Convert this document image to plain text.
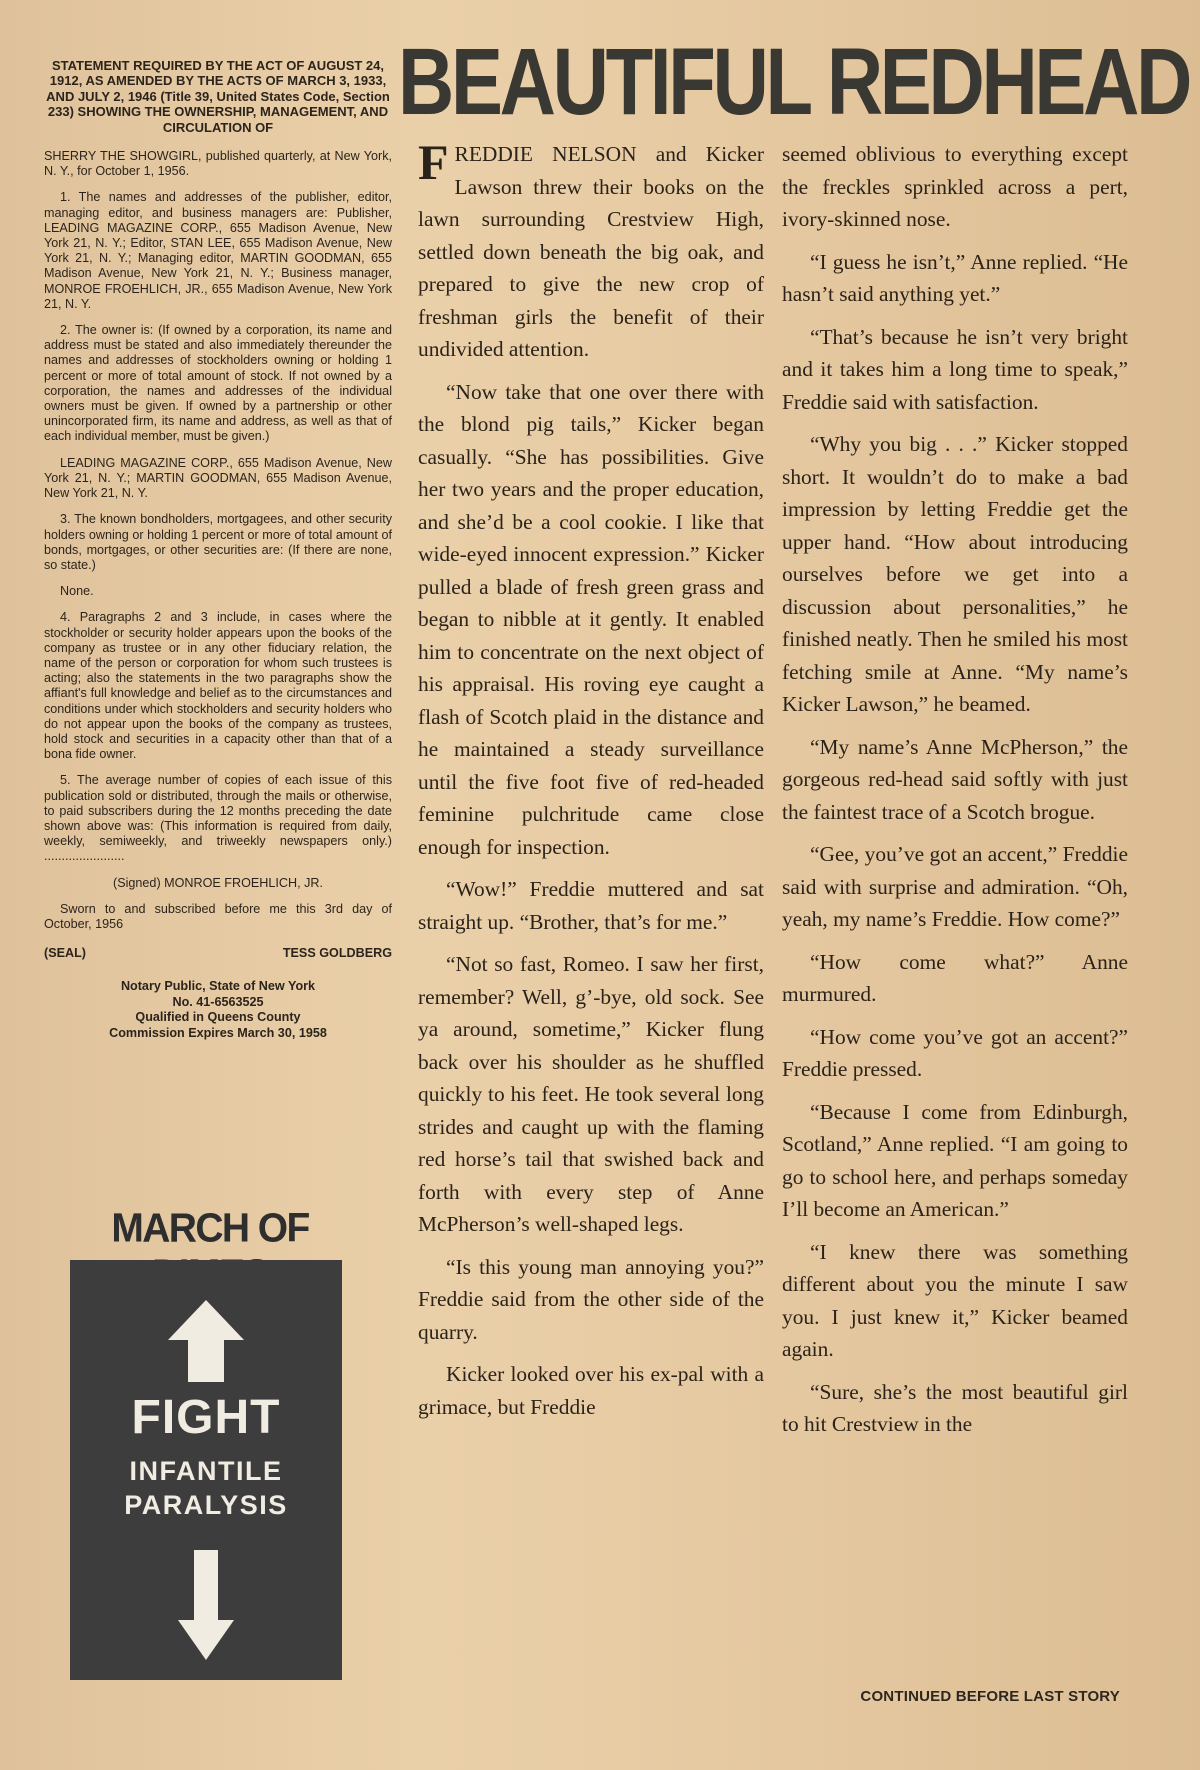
STATEMENT REQUIRED BY THE ACT OF AUGUST 24, 1912, AS AMENDED BY THE ACTS OF MARCH 3, 1933, AND JULY 2, 1946 (Title 39, United States Code, Section 233) SHOWING THE OWNERSHIP, MANAGEMENT, AND CIRCULATION OF

SHERRY THE SHOWGIRL, published quarterly, at New York, N. Y., for October 1, 1956.

1. The names and addresses of the publisher, editor, managing editor, and business managers are: Publisher, LEADING MAGAZINE CORP., 655 Madison Avenue, New York 21, N. Y.; Editor, STAN LEE, 655 Madison Avenue, New York 21, N. Y.; Managing editor, MARTIN GOODMAN, 655 Madison Avenue, New York 21, N. Y.; Business manager, MONROE FROEHLICH, JR., 655 Madison Avenue, New York 21, N. Y.

2. The owner is: (If owned by a corporation, its name and address must be stated and also immediately thereunder the names and addresses of stockholders owning or holding 1 percent or more of total amount of stock. If not owned by a corporation, the names and addresses of the individual owners must be given. If owned by a partnership or other unincorporated firm, its name and address, as well as that of each individual member, must be given.)

LEADING MAGAZINE CORP., 655 Madison Avenue, New York 21, N. Y.; MARTIN GOODMAN, 655 Madison Avenue, New York 21, N. Y.

3. The known bondholders, mortgagees, and other security holders owning or holding 1 percent or more of total amount of bonds, mortgages, or other securities are: (If there are none, so state.)

None.

4. Paragraphs 2 and 3 include, in cases where the stockholder or security holder appears upon the books of the company as trustee or in any other fiduciary relation, the name of the person or corporation for whom such trustees is acting; also the statements in the two paragraphs show the affiant's full knowledge and belief as to the circumstances and conditions under which stockholders and security holders who do not appear upon the books of the company as trustees, hold stock and securities in a capacity other than that of a bona fide owner.

5. The average number of copies of each issue of this publication sold or distributed, through the mails or otherwise, to paid subscribers during the 12 months preceding the date shown above was: (This information is required from daily, weekly, semiweekly, and triweekly newspapers only.) .......................

(Signed) MONROE FROEHLICH, JR.

Sworn to and subscribed before me this 3rd day of October, 1956

(SEAL)	TESS GOLDBERG
Notary Public, State of New York
No. 41-6563525
Qualified in Queens County
Commission Expires March 30, 1958
MARCH OF
FIGHT
INFANTILE
PARALYSIS
BEAUTIFUL REDHEAD

FREDDIE NELSON and Kicker Lawson threw their books on the lawn surrounding Crestview High, settled down beneath the big oak, and prepared to give the new crop of freshman girls the benefit of their undivided attention.

“Now take that one over there with the blond pig tails,” Kicker began casually. “She has possibilities. Give her two years and the proper education, and she’d be a cool cookie. I like that wide-eyed innocent expression.” Kicker pulled a blade of fresh green grass and began to nibble at it gently. It enabled him to concentrate on the next object of his appraisal. His roving eye caught a flash of Scotch plaid in the distance and he maintained a steady surveillance until the five foot five of red-headed feminine pulchritude came close enough for inspection.

“Wow!” Freddie muttered and sat straight up. “Brother, that’s for me.”

“Not so fast, Romeo. I saw her first, remember? Well, g’-bye, old sock. See ya around, sometime,” Kicker flung back over his shoulder as he shuffled quickly to his feet. He took several long strides and caught up with the flaming red horse’s tail that swished back and forth with every step of Anne McPherson’s well-shaped legs.

“Is this young man annoying you?” Freddie said from the other side of the quarry.

Kicker looked over his ex-pal with a grimace, but Freddie

seemed oblivious to everything except the freckles sprinkled across a pert, ivory-skinned nose.

“I guess he isn’t,” Anne replied. “He hasn’t said anything yet.”

“That’s because he isn’t very bright and it takes him a long time to speak,” Freddie said with satisfaction.

“Why you big . . .” Kicker stopped short. It wouldn’t do to make a bad impression by letting Freddie get the upper hand. “How about introducing ourselves before we get into a discussion about personalities,” he finished neatly. Then he smiled his most fetching smile at Anne. “My name’s Kicker Lawson,” he beamed.

“My name’s Anne McPherson,” the gorgeous red-head said softly with just the faintest trace of a Scotch brogue.

“Gee, you’ve got an accent,” Freddie said with surprise and admiration. “Oh, yeah, my name’s Freddie. How come?”

“How come what?” Anne murmured.

“How come you’ve got an accent?” Freddie pressed.

“Because I come from Edinburgh, Scotland,” Anne replied. “I am going to go to school here, and perhaps someday I’ll become an American.”

“I knew there was something different about you the minute I saw you. I just knew it,” Kicker beamed again.

“Sure, she’s the most beautiful girl to hit Crestview in the

CONTINUED BEFORE LAST STORY
